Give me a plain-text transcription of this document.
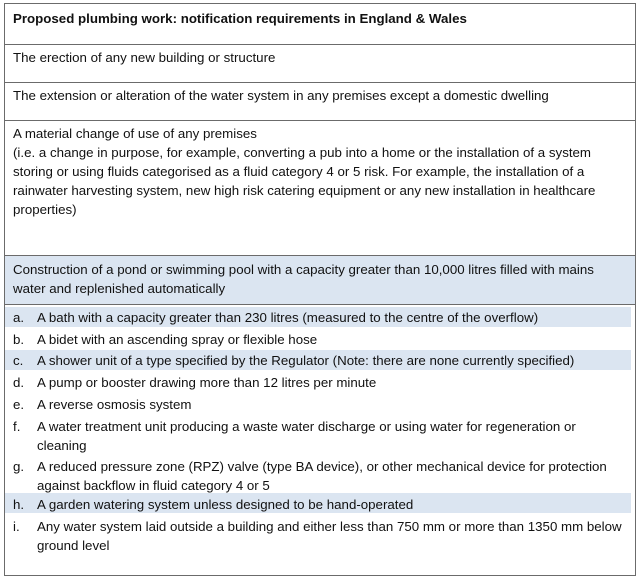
Proposed plumbing work: notification requirements in England & Wales
The erection of any new building or structure
The extension or alteration of the water system in any premises except a domestic dwelling
A material change of use of any premises
(i.e. a change in purpose, for example, converting a pub into a home or the installation of a system storing or using fluids categorised as a fluid category 4 or 5 risk. For example, the installation of a rainwater harvesting system, new high risk catering equipment or any new installation in healthcare properties)
Construction of a pond or swimming pool with a capacity greater than 10,000 litres filled with mains water and replenished automatically
a. A bath with a capacity greater than 230 litres (measured to the centre of the overflow)
b. A bidet with an ascending spray or flexible hose
c.	A shower unit of a type specified by the Regulator (Note: there are none currently specified)
d. A pump or booster drawing more than 12 litres per minute
e. A reverse osmosis system
f.	A water treatment unit producing a waste water discharge or using water for regeneration or cleaning
g. A reduced pressure zone (RPZ) valve (type BA device), or other mechanical device for protection against backflow in fluid category 4 or 5
h. A garden watering system unless designed to be hand-operated
i.	Any water system laid outside a building and either less than 750 mm or more than 1350 mm below ground level
